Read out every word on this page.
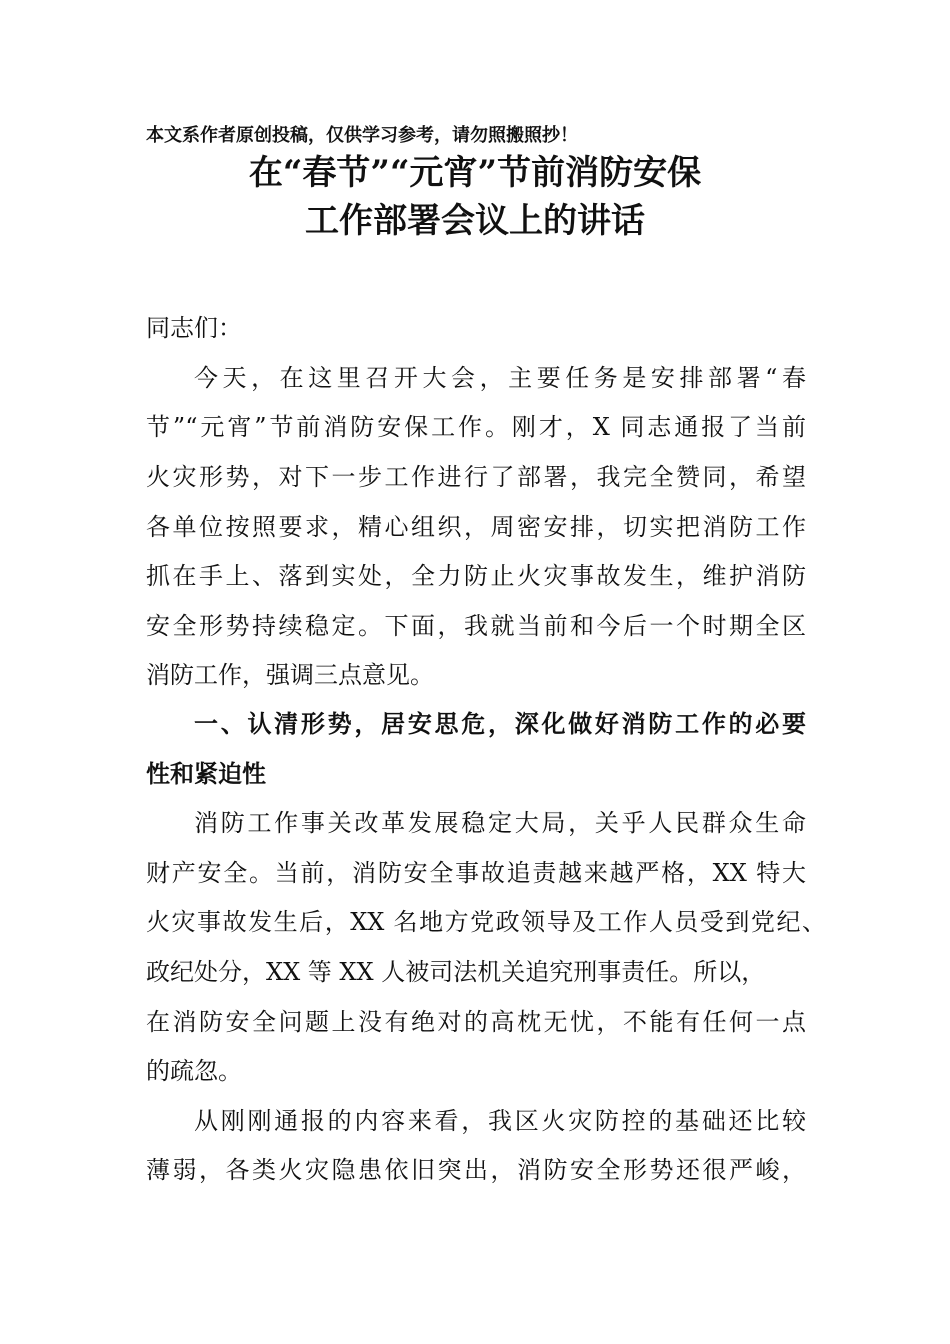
本文系作者原创投稿，仅供学习参考，请勿照搬照抄！
在“春节”“元宵”节前消防安保
工作部署会议上的讲话
同志们：
今天，在这里召开大会，主要任务是安排部署“春
节”“元宵”节前消防安保工作。刚才，X 同志通报了当前
火灾形势，对下一步工作进行了部署，我完全赞同，希望
各单位按照要求，精心组织，周密安排，切实把消防工作
抓在手上、落到实处，全力防止火灾事故发生，维护消防
安全形势持续稳定。下面，我就当前和今后一个时期全区
消防工作，强调三点意见。
一、认清形势，居安思危，深化做好消防工作的必要
性和紧迫性
消防工作事关改革发展稳定大局，关乎人民群众生命
财产安全。当前，消防安全事故追责越来越严格，XX 特大
火灾事故发生后，XX 名地方党政领导及工作人员受到党纪、
政纪处分，XX 等 XX 人被司法机关追究刑事责任。所以，
在消防安全问题上没有绝对的高枕无忧，不能有任何一点
的疏忽。
从刚刚通报的内容来看，我区火灾防控的基础还比较
薄弱，各类火灾隐患依旧突出，消防安全形势还很严峻，
